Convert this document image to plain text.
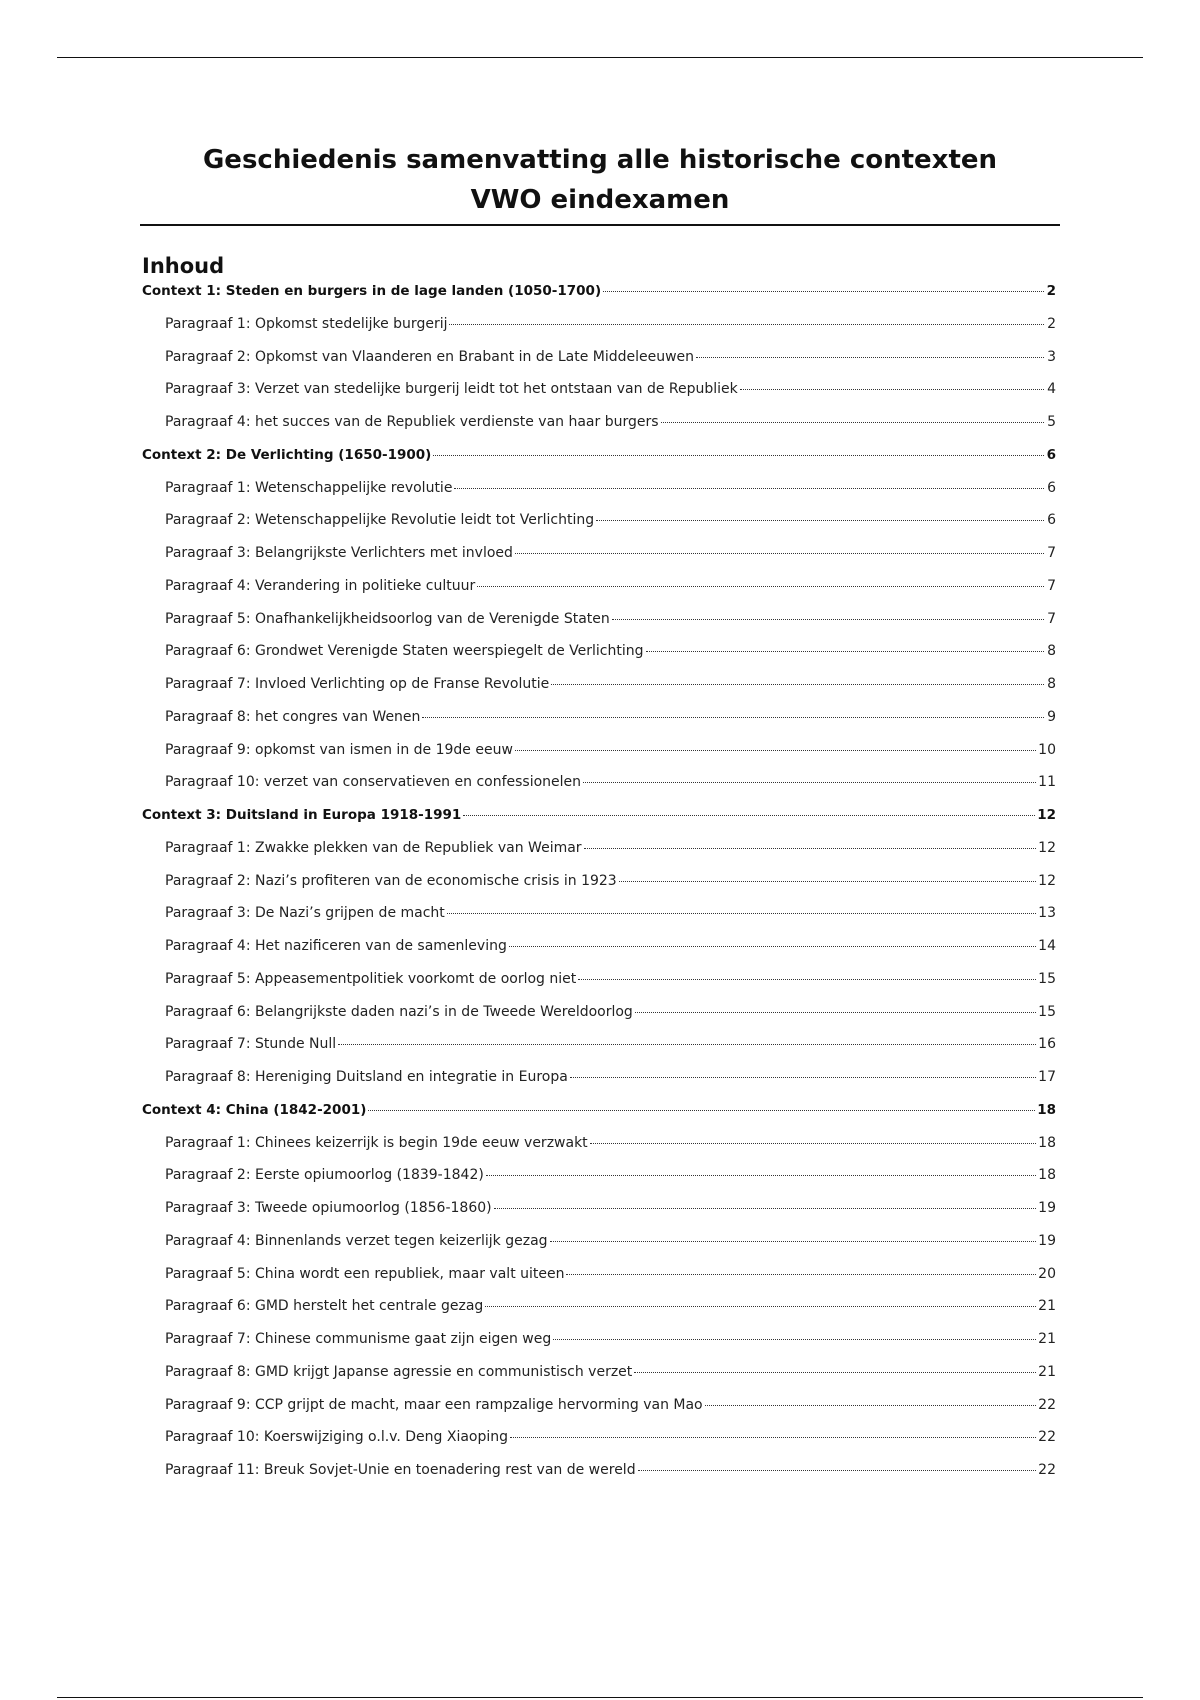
Geschiedenis samenvatting alle historische contexten
VWO eindexamen
Inhoud
Context 1: Steden en burgers in de lage landen (1050-1700)	2
Paragraaf 1: Opkomst stedelijke burgerij	2
Paragraaf 2: Opkomst van Vlaanderen en Brabant in de Late Middeleeuwen	3
Paragraaf 3: Verzet van stedelijke burgerij leidt tot het ontstaan van de Republiek	4
Paragraaf 4: het succes van de Republiek verdienste van haar burgers	5
Context 2: De Verlichting (1650-1900)	6
Paragraaf 1: Wetenschappelijke revolutie	6
Paragraaf 2: Wetenschappelijke Revolutie leidt tot Verlichting	6
Paragraaf 3: Belangrijkste Verlichters met invloed	7
Paragraaf 4: Verandering in politieke cultuur	7
Paragraaf 5: Onafhankelijkheidsoorlog van de Verenigde Staten	7
Paragraaf 6: Grondwet Verenigde Staten weerspiegelt de Verlichting	8
Paragraaf 7: Invloed Verlichting op de Franse Revolutie	8
Paragraaf 8: het congres van Wenen	9
Paragraaf 9: opkomst van ismen in de 19de eeuw	10
Paragraaf 10: verzet van conservatieven en confessionelen	11
Context 3: Duitsland in Europa 1918-1991	12
Paragraaf 1: Zwakke plekken van de Republiek van Weimar	12
Paragraaf 2: Nazi’s profiteren van de economische crisis in 1923	12
Paragraaf 3: De Nazi’s grijpen de macht	13
Paragraaf 4: Het nazificeren van de samenleving	14
Paragraaf 5: Appeasementpolitiek voorkomt de oorlog niet	15
Paragraaf 6: Belangrijkste daden nazi’s in de Tweede Wereldoorlog	15
Paragraaf 7: Stunde Null	16
Paragraaf 8: Hereniging Duitsland en integratie in Europa	17
Context 4: China (1842-2001)	18
Paragraaf 1: Chinees keizerrijk is begin 19de eeuw verzwakt	18
Paragraaf 2: Eerste opiumoorlog (1839-1842)	18
Paragraaf 3: Tweede opiumoorlog (1856-1860)	19
Paragraaf 4: Binnenlands verzet tegen keizerlijk gezag	19
Paragraaf 5: China wordt een republiek, maar valt uiteen	20
Paragraaf 6: GMD herstelt het centrale gezag	21
Paragraaf 7: Chinese communisme gaat zijn eigen weg	21
Paragraaf 8: GMD krijgt Japanse agressie en communistisch verzet	21
Paragraaf 9: CCP grijpt de macht, maar een rampzalige hervorming van Mao	22
Paragraaf 10: Koerswijziging o.l.v. Deng Xiaoping	22
Paragraaf 11: Breuk Sovjet-Unie en toenadering rest van de wereld	22
